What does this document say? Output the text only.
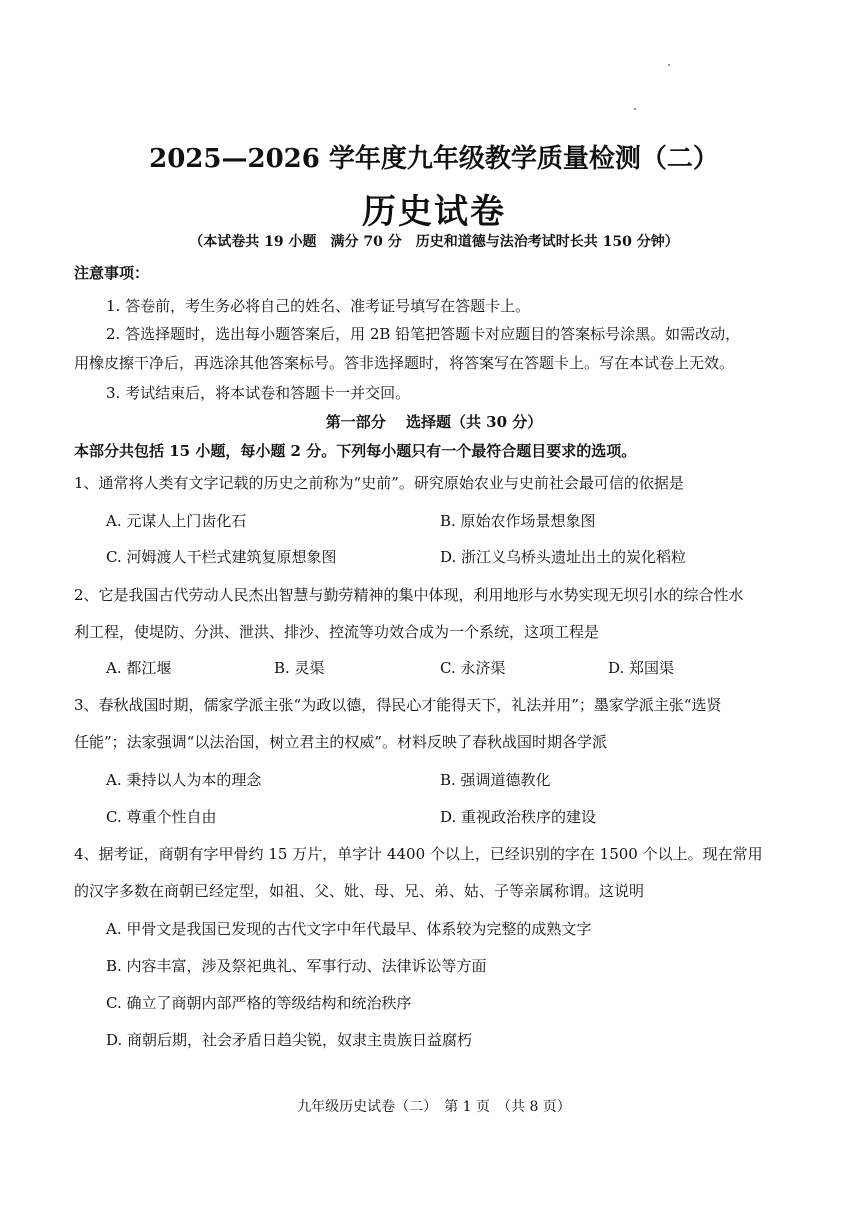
2025—2026 学年度九年级教学质量检测（二）
历史试卷
（本试卷共 19 小题　满分 70 分　历史和道德与法治考试时长共 150 分钟）
注意事项：
1. 答卷前，考生务必将自己的姓名、准考证号填写在答题卡上。
2. 答选择题时，选出每小题答案后，用 2B 铅笔把答题卡对应题目的答案标号涂黑。如需改动，
用橡皮擦干净后，再选涂其他答案标号。答非选择题时，将答案写在答题卡上。写在本试卷上无效。
3. 考试结束后，将本试卷和答题卡一并交回。
第一部分　 选择题（共 30 分）
本部分共包括 15 小题，每小题 2 分。下列每小题只有一个最符合题目要求的选项。
1、通常将人类有文字记载的历史之前称为“史前”。研究原始农业与史前社会最可信的依据是
A. 元谋人上门齿化石	B. 原始农作场景想象图
C. 河姆渡人干栏式建筑复原想象图	D. 浙江义乌桥头遗址出土的炭化稻粒
2、它是我国古代劳动人民杰出智慧与勤劳精神的集中体现，利用地形与水势实现无坝引水的综合性水
利工程，使堤防、分洪、泄洪、排沙、控流等功效合成为一个系统，这项工程是
A. 都江堰	B. 灵渠	C. 永济渠	D. 郑国渠
3、春秋战国时期，儒家学派主张“为政以德，得民心才能得天下，礼法并用”；墨家学派主张“选贤
任能”；法家强调“以法治国，树立君主的权威”。材料反映了春秋战国时期各学派
A. 秉持以人为本的理念	B. 强调道德教化
C. 尊重个性自由	D. 重视政治秩序的建设
4、据考证，商朝有字甲骨约 15 万片，单字计 4400 个以上，已经识别的字在 1500 个以上。现在常用
的汉字多数在商朝已经定型，如祖、父、妣、母、兄、弟、姑、子等亲属称谓。这说明
A. 甲骨文是我国已发现的古代文字中年代最早、体系较为完整的成熟文字
B. 内容丰富，涉及祭祀典礼、军事行动、法律诉讼等方面
C. 确立了商朝内部严格的等级结构和统治秩序
D. 商朝后期，社会矛盾日趋尖锐，奴隶主贵族日益腐朽
九年级历史试卷（二）　第 1 页　（共 8 页）
